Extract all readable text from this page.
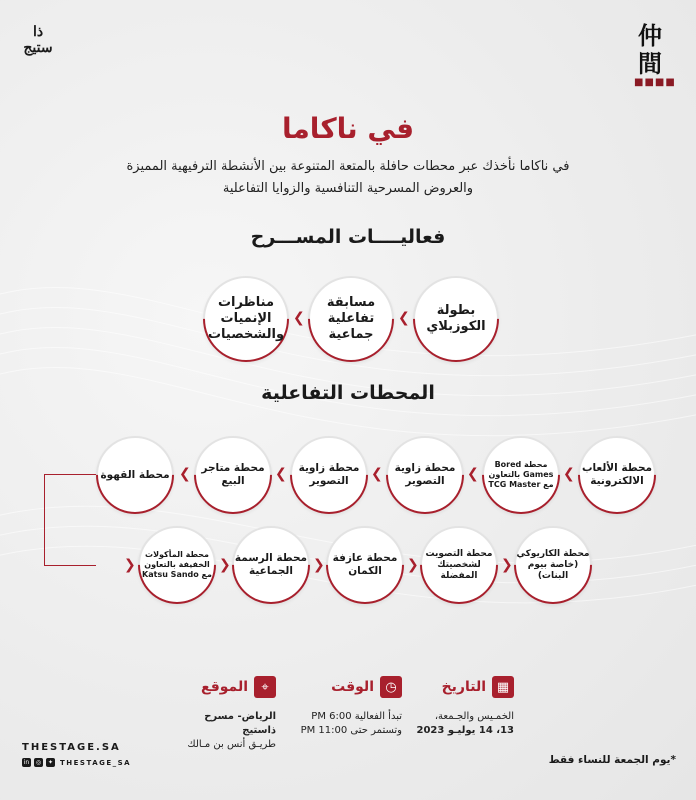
ذا ستيج	仲
間
■■■■
في ناكاما
في ناكاما نأخذك عبر محطات حافلة بالمتعة المتنوعة بين الأنشطة الترفيهية المميزة والعروض المسرحية التنافسية والزوايا التفاعلية
فعاليــــات المســـرح
بطولة الكوزبلاي
❮
مسابقة تفاعلية جماعية
❮
مناظرات الإنميات والشخصيات
المحطات التفاعلية
محطة الألعاب الالكترونية
❮
محطة Bored Games بالتعاون مع TCG Master
❮
محطة زاوية التصوير
❮
محطة زاوية التصوير
❮
محطة متاجر البيع
❮
محطة القهوة
❯
محطة المأكولات الخفيفة بالتعاون مع Katsu Sando
❯ محطة الرسمة الجماعية	❯ محطة عازفة الكمان	❯
محطة التصويت لشخصيتك المفضلة
❯
محطة الكاريوكي (خاصة بيوم البنات)
▦
التاريخ
الخمـيس والجـمعة،
13، 14 يوليـو 2023
◷
الوقت
تبدأ الفعالية 6:00 PM
وتستمر حتى 11:00 PM
⌖
الموقع
الرياض- مسرح ذاستيج
طريـق أنس بن مـالك
THESTAGE.SA
in	◎	✦ THESTAGE_SA	*يوم الجمعة للنساء فقط
